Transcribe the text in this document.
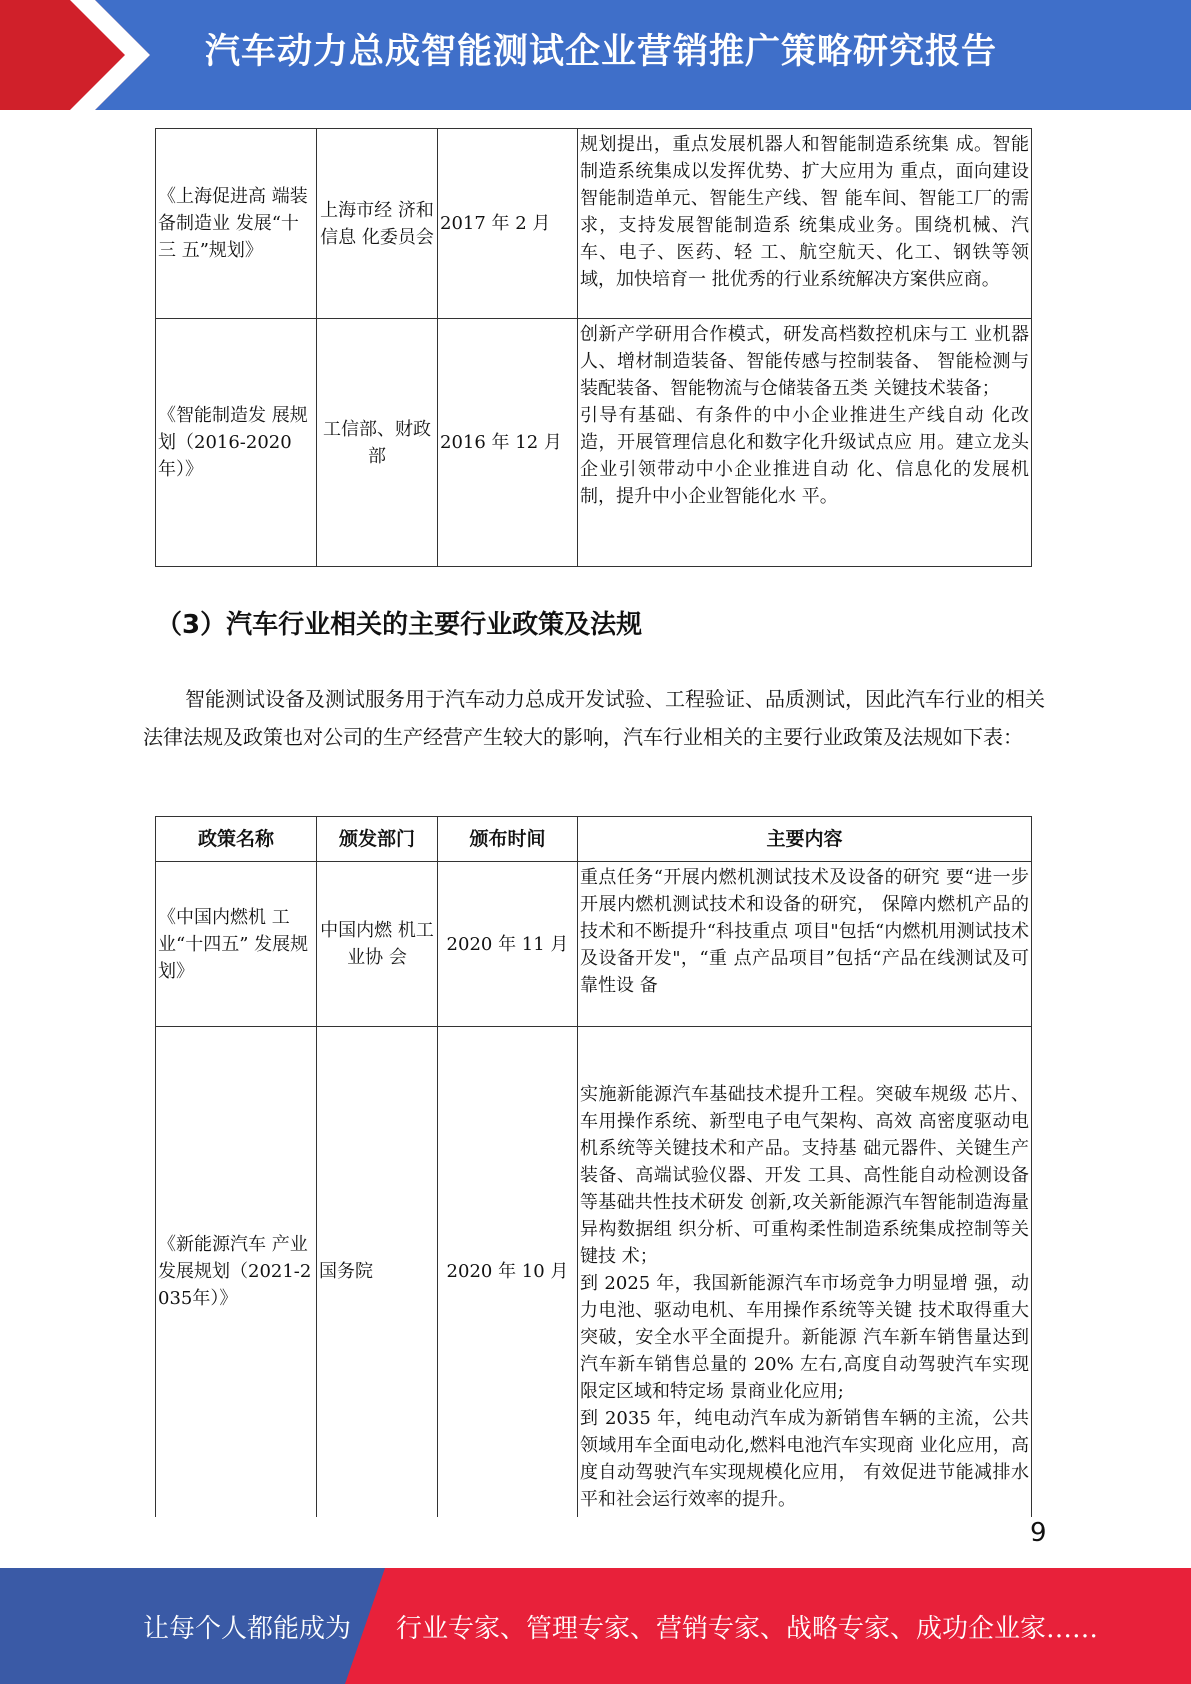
汽车动力总成智能测试企业营销推广策略研究报告
《上海促进高 端装备制造业 发展“十三 五”规划》	上海市经 济和信息 化委员会	2017 年 2 月	规划提出，重点发展机器人和智能制造系统集 成。智能制造系统集成以发挥优势、扩大应用为 重点，面向建设智能制造单元、智能生产线、智 能车间、智能工厂的需求，支持发展智能制造系 统集成业务。围绕机械、汽车、电子、医药、轻 工、航空航天、化工、钢铁等领域，加快培育一 批优秀的行业系统解决方案供应商。
《智能制造发 展规划（2016-2020年）》	工信部、财政部	2016 年 12 月	创新产学研用合作模式，研发高档数控机床与工 业机器人、增材制造装备、智能传感与控制装备、 智能检测与装配装备、智能物流与仓储装备五类 关键技术装备；
引导有基础、有条件的中小企业推进生产线自动 化改造，开展管理信息化和数字化升级试点应 用。建立龙头企业引领带动中小企业推进自动 化、信息化的发展机制，提升中小企业智能化水 平。
（3）汽车行业相关的主要行业政策及法规

智能测试设备及测试服务用于汽车动力总成开发试验、工程验证、品质测试，因此汽车行业的相关法律法规及政策也对公司的生产经营产生较大的影响，汽车行业相关的主要行业政策及法规如下表：

政策名称	颁发部门	颁布时间	主要内容
《中国内燃机 工业“十四五” 发展规划》	中国内燃 机工业协 会	2020 年 11 月	重点任务“开展内燃机测试技术及设备的研究 要“进一步开展内燃机测试技术和设备的研究， 保障内燃机产品的技术和不断提升“科技重点 项目"包括“内燃机用测试技术及设备开发"，“重 点产品项目”包括“产品在线测试及可靠性设 备
《新能源汽车 产业发展规划（2021-2035年）》	国务院	2020 年 10 月	实施新能源汽车基础技术提升工程。突破车规级 芯片、车用操作系统、新型电子电气架构、高效 高密度驱动电机系统等关键技术和产品。支持基 础元器件、关键生产装备、高端试验仪器、开发 工具、高性能自动检测设备等基础共性技术研发 创新,攻关新能源汽车智能制造海量异构数据组 织分析、可重构柔性制造系统集成控制等关键技 术；
到 2025 年，我国新能源汽车市场竞争力明显增 强，动力电池、驱动电机、车用操作系统等关键 技术取得重大突破，安全水平全面提升。新能源 汽车新车销售量达到汽车新车销售总量的 20% 左右,高度自动驾驶汽车实现限定区域和特定场 景商业化应用;
到 2035 年，纯电动汽车成为新销售车辆的主流，公共领域用车全面电动化,燃料电池汽车实现商 业化应用，高度自动驾驶汽车实现规模化应用， 有效促进节能减排水平和社会运行效率的提升。
9
让每个人都能成为 行业专家、管理专家、营销专家、战略专家、成功企业家……
